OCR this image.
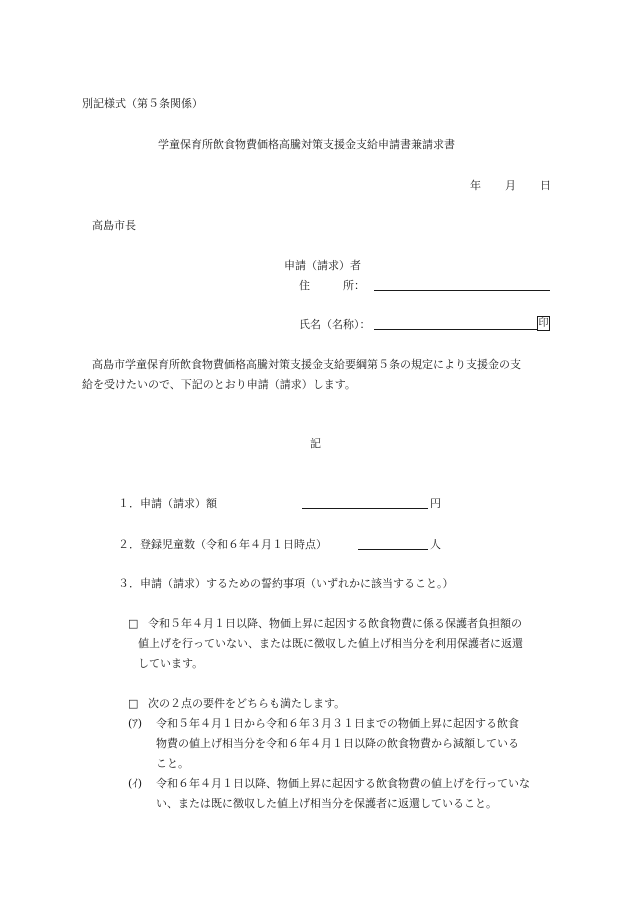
別記様式（第５条関係）
学童保育所飲食物費価格高騰対策支援金支給申請書兼請求書
年 月 日
高島市長
申請（請求）者
住　　　所：
氏名（名称）：	印
高島市学童保育所飲食物費価格高騰対策支援金支給要綱第５条の規定により支援金の支
給を受けたいので、下記のとおり申請（請求）します。
記
１．申請（請求）額	円
２．登録児童数（令和６年４月１日時点）	人
３．申請（請求）するための誓約事項（いずれかに該当すること。）
□ 令和５年４月１日以降、物価上昇に起因する飲食物費に係る保護者負担額の
値上げを行っていない、または既に徴収した値上げ相当分を利用保護者に返還
しています。
□ 次の２点の要件をどちらも満たします。
(ｱ) 令和５年４月１日から令和６年３月３１日までの物価上昇に起因する飲食
物費の値上げ相当分を令和６年４月１日以降の飲食物費から減額している
こと。
(ｲ) 令和６年４月１日以降、物価上昇に起因する飲食物費の値上げを行っていな
い、または既に徴収した値上げ相当分を保護者に返還していること。
